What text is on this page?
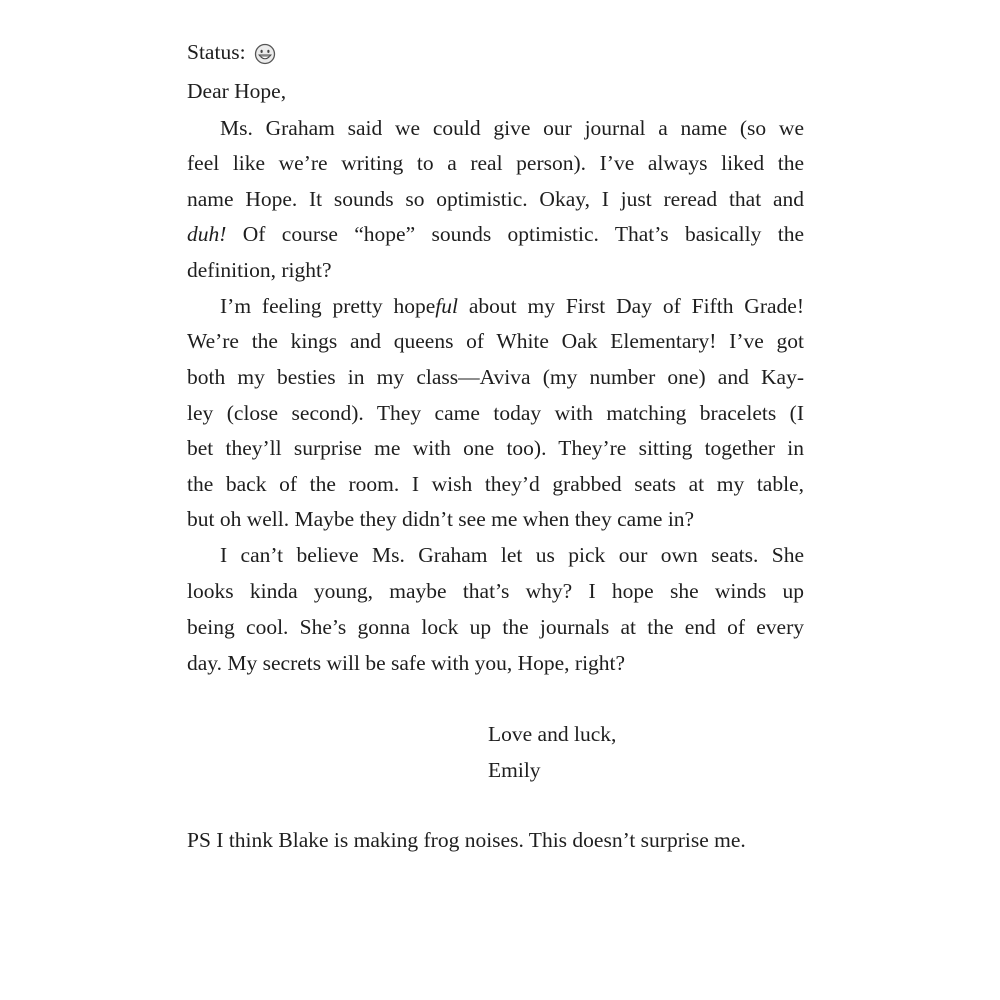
Status:
Dear Hope,
Ms. Graham said we could give our journal a name (so we
feel like we’re writing to a real person). I’ve always liked the
name Hope. It sounds so optimistic. Okay, I just reread that and
duh! Of course “hope” sounds optimistic. That’s basically the
definition, right?
I’m feeling pretty hopeful about my First Day of Fifth Grade!
We’re the kings and queens of White Oak Elementary! I’ve got
both my besties in my class—Aviva (my number one) and Kay-
ley (close second). They came today with matching bracelets (I
bet they’ll surprise me with one too). They’re sitting together in
the back of the room. I wish they’d grabbed seats at my table,
but oh well. Maybe they didn’t see me when they came in?
I can’t believe Ms. Graham let us pick our own seats. She
looks kinda young, maybe that’s why? I hope she winds up
being cool. She’s gonna lock up the journals at the end of every
day. My secrets will be safe with you, Hope, right?
Love and luck,
Emily
PS I think Blake is making frog noises. This doesn’t surprise me.
